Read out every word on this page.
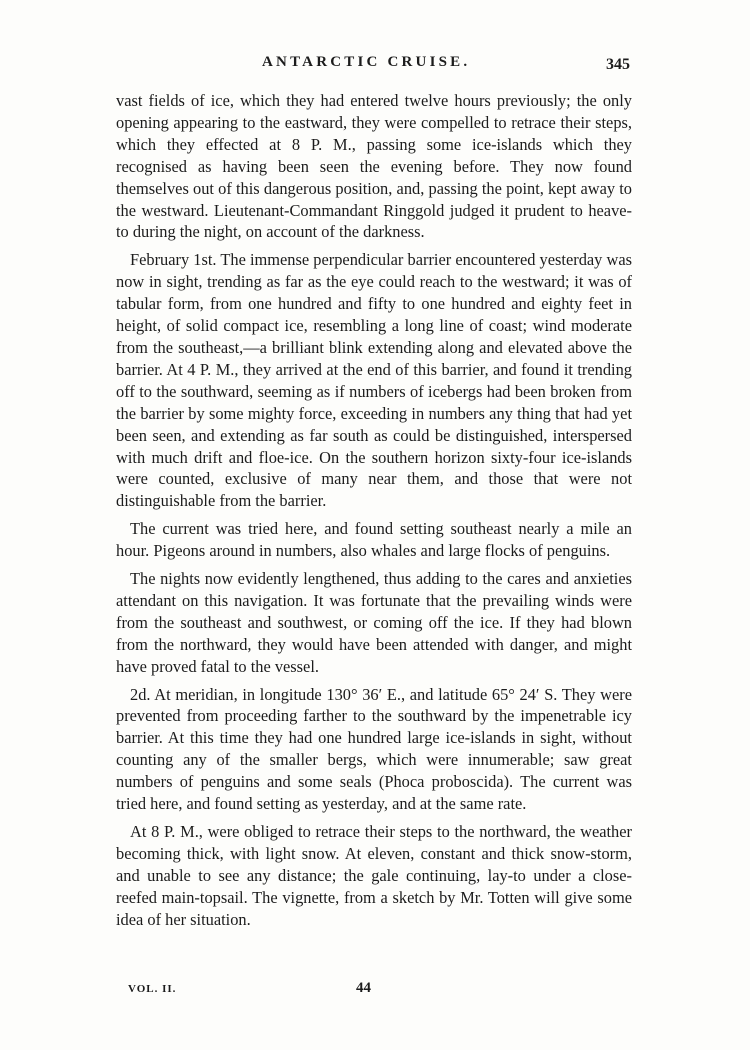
ANTARCTIC CRUISE.	345

vast fields of ice, which they had entered twelve hours previously; the only opening appearing to the eastward, they were compelled to retrace their steps, which they effected at 8 P. M., passing some ice-islands which they recognised as having been seen the evening before. They now found themselves out of this dangerous position, and, passing the point, kept away to the westward. Lieutenant-Commandant Ringgold judged it prudent to heave-to during the night, on account of the darkness.

February 1st. The immense perpendicular barrier encountered yesterday was now in sight, trending as far as the eye could reach to the westward; it was of tabular form, from one hundred and fifty to one hundred and eighty feet in height, of solid compact ice, resembling a long line of coast; wind moderate from the southeast,—a brilliant blink extending along and elevated above the barrier. At 4 P. M., they arrived at the end of this barrier, and found it trending off to the southward, seeming as if numbers of icebergs had been broken from the barrier by some mighty force, exceeding in numbers any thing that had yet been seen, and extending as far south as could be distinguished, interspersed with much drift and floe-ice. On the southern horizon sixty-four ice-islands were counted, exclusive of many near them, and those that were not distinguishable from the barrier.

The current was tried here, and found setting southeast nearly a mile an hour. Pigeons around in numbers, also whales and large flocks of penguins.

The nights now evidently lengthened, thus adding to the cares and anxieties attendant on this navigation. It was fortunate that the prevailing winds were from the southeast and southwest, or coming off the ice. If they had blown from the northward, they would have been attended with danger, and might have proved fatal to the vessel.

2d. At meridian, in longitude 130° 36′ E., and latitude 65° 24′ S. They were prevented from proceeding farther to the southward by the impenetrable icy barrier. At this time they had one hundred large ice-islands in sight, without counting any of the smaller bergs, which were innumerable; saw great numbers of penguins and some seals (Phoca proboscida). The current was tried here, and found setting as yesterday, and at the same rate.

At 8 P. M., were obliged to retrace their steps to the northward, the weather becoming thick, with light snow. At eleven, constant and thick snow-storm, and unable to see any distance; the gale continuing, lay-to under a close-reefed main-topsail. The vignette, from a sketch by Mr. Totten will give some idea of her situation.

VOL. II.	44
